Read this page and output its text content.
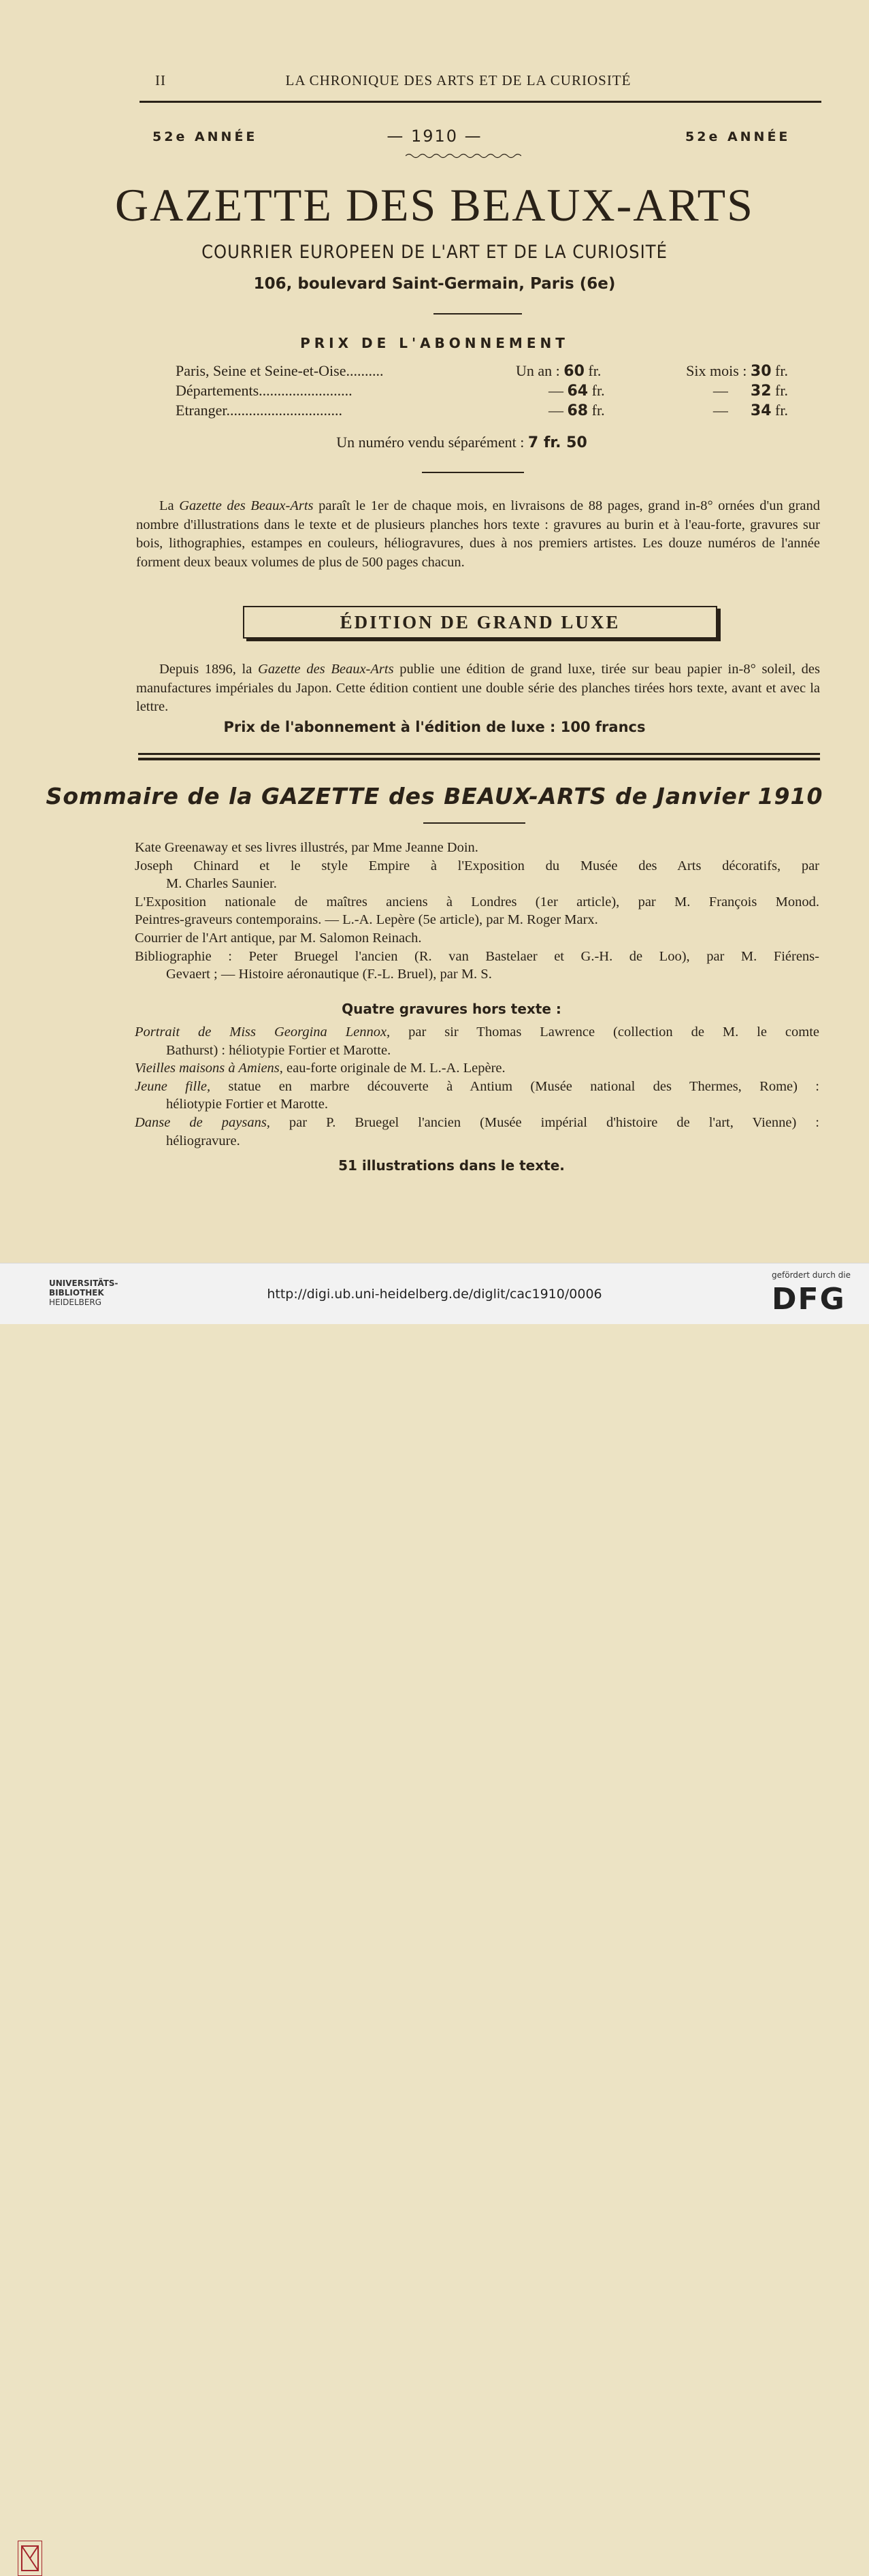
II	LA CHRONIQUE DES ARTS ET DE LA CURIOSITÉ
52e ANNÉE	— 1910 —	52e ANNÉE
GAZETTE DES BEAUX-ARTS
COURRIER EUROPEEN DE L'ART ET DE LA CURIOSITÉ
106, boulevard Saint-Germain, Paris (6e)
PRIX DE L'ABONNEMENT
Paris, Seine et Seine-et-Oise..........	Un an : 60 fr.	Six mois : 30 fr.
Départements.........................	— 64 fr.	— 32 fr.
Etranger...............................	— 68 fr.	— 34 fr.
Un numéro vendu séparément : 7 fr. 50

La Gazette des Beaux-Arts paraît le 1er de chaque mois, en livraisons de 88 pages, grand in-8° ornées d'un grand nombre d'illustrations dans le texte et de plusieurs planches hors texte : gravures au burin et à l'eau-forte, gravures sur bois, lithographies, estampes en couleurs, héliogravures, dues à nos premiers artistes. Les douze numéros de l'année forment deux beaux volumes de plus de 500 pages chacun.

ÉDITION DE GRAND LUXE

Depuis 1896, la Gazette des Beaux-Arts publie une édition de grand luxe, tirée sur beau papier in-8° soleil, des manufactures impériales du Japon. Cette édition contient une double série des planches tirées hors texte, avant et avec la lettre.

Prix de l'abonnement à l'édition de luxe : 100 francs
Sommaire de la GAZETTE des BEAUX-ARTS de Janvier 1910
Kate Greenaway et ses livres illustrés, par Mme Jeanne Doin.
Joseph Chinard et le style Empire à l'Exposition du Musée des Arts décoratifs, par
M. Charles Saunier.
L'Exposition nationale de maîtres anciens à Londres (1er article), par M. François Monod.
Peintres-graveurs contemporains. — L.-A. Lepère (5e article), par M. Roger Marx.
Courrier de l'Art antique, par M. Salomon Reinach.
Bibliographie : Peter Bruegel l'ancien (R. van Bastelaer et G.-H. de Loo), par M. Fiérens-
Gevaert ; — Histoire aéronautique (F.-L. Bruel), par M. S.
Quatre gravures hors texte :
Portrait de Miss Georgina Lennox, par sir Thomas Lawrence (collection de M. le comte
Bathurst) : héliotypie Fortier et Marotte.
Vieilles maisons à Amiens, eau-forte originale de M. L.-A. Lepère.
Jeune fille, statue en marbre découverte à Antium (Musée national des Thermes, Rome) :
héliotypie Fortier et Marotte.
Danse de paysans, par P. Bruegel l'ancien (Musée impérial d'histoire de l'art, Vienne) :
héliogravure.
51 illustrations dans le texte.
UNIVERSITÄTS-
BIBLIOTHEK
HEIDELBERG
http://digi.ub.uni-heidelberg.de/diglit/cac1910/0006
gefördert durch die
DFG
